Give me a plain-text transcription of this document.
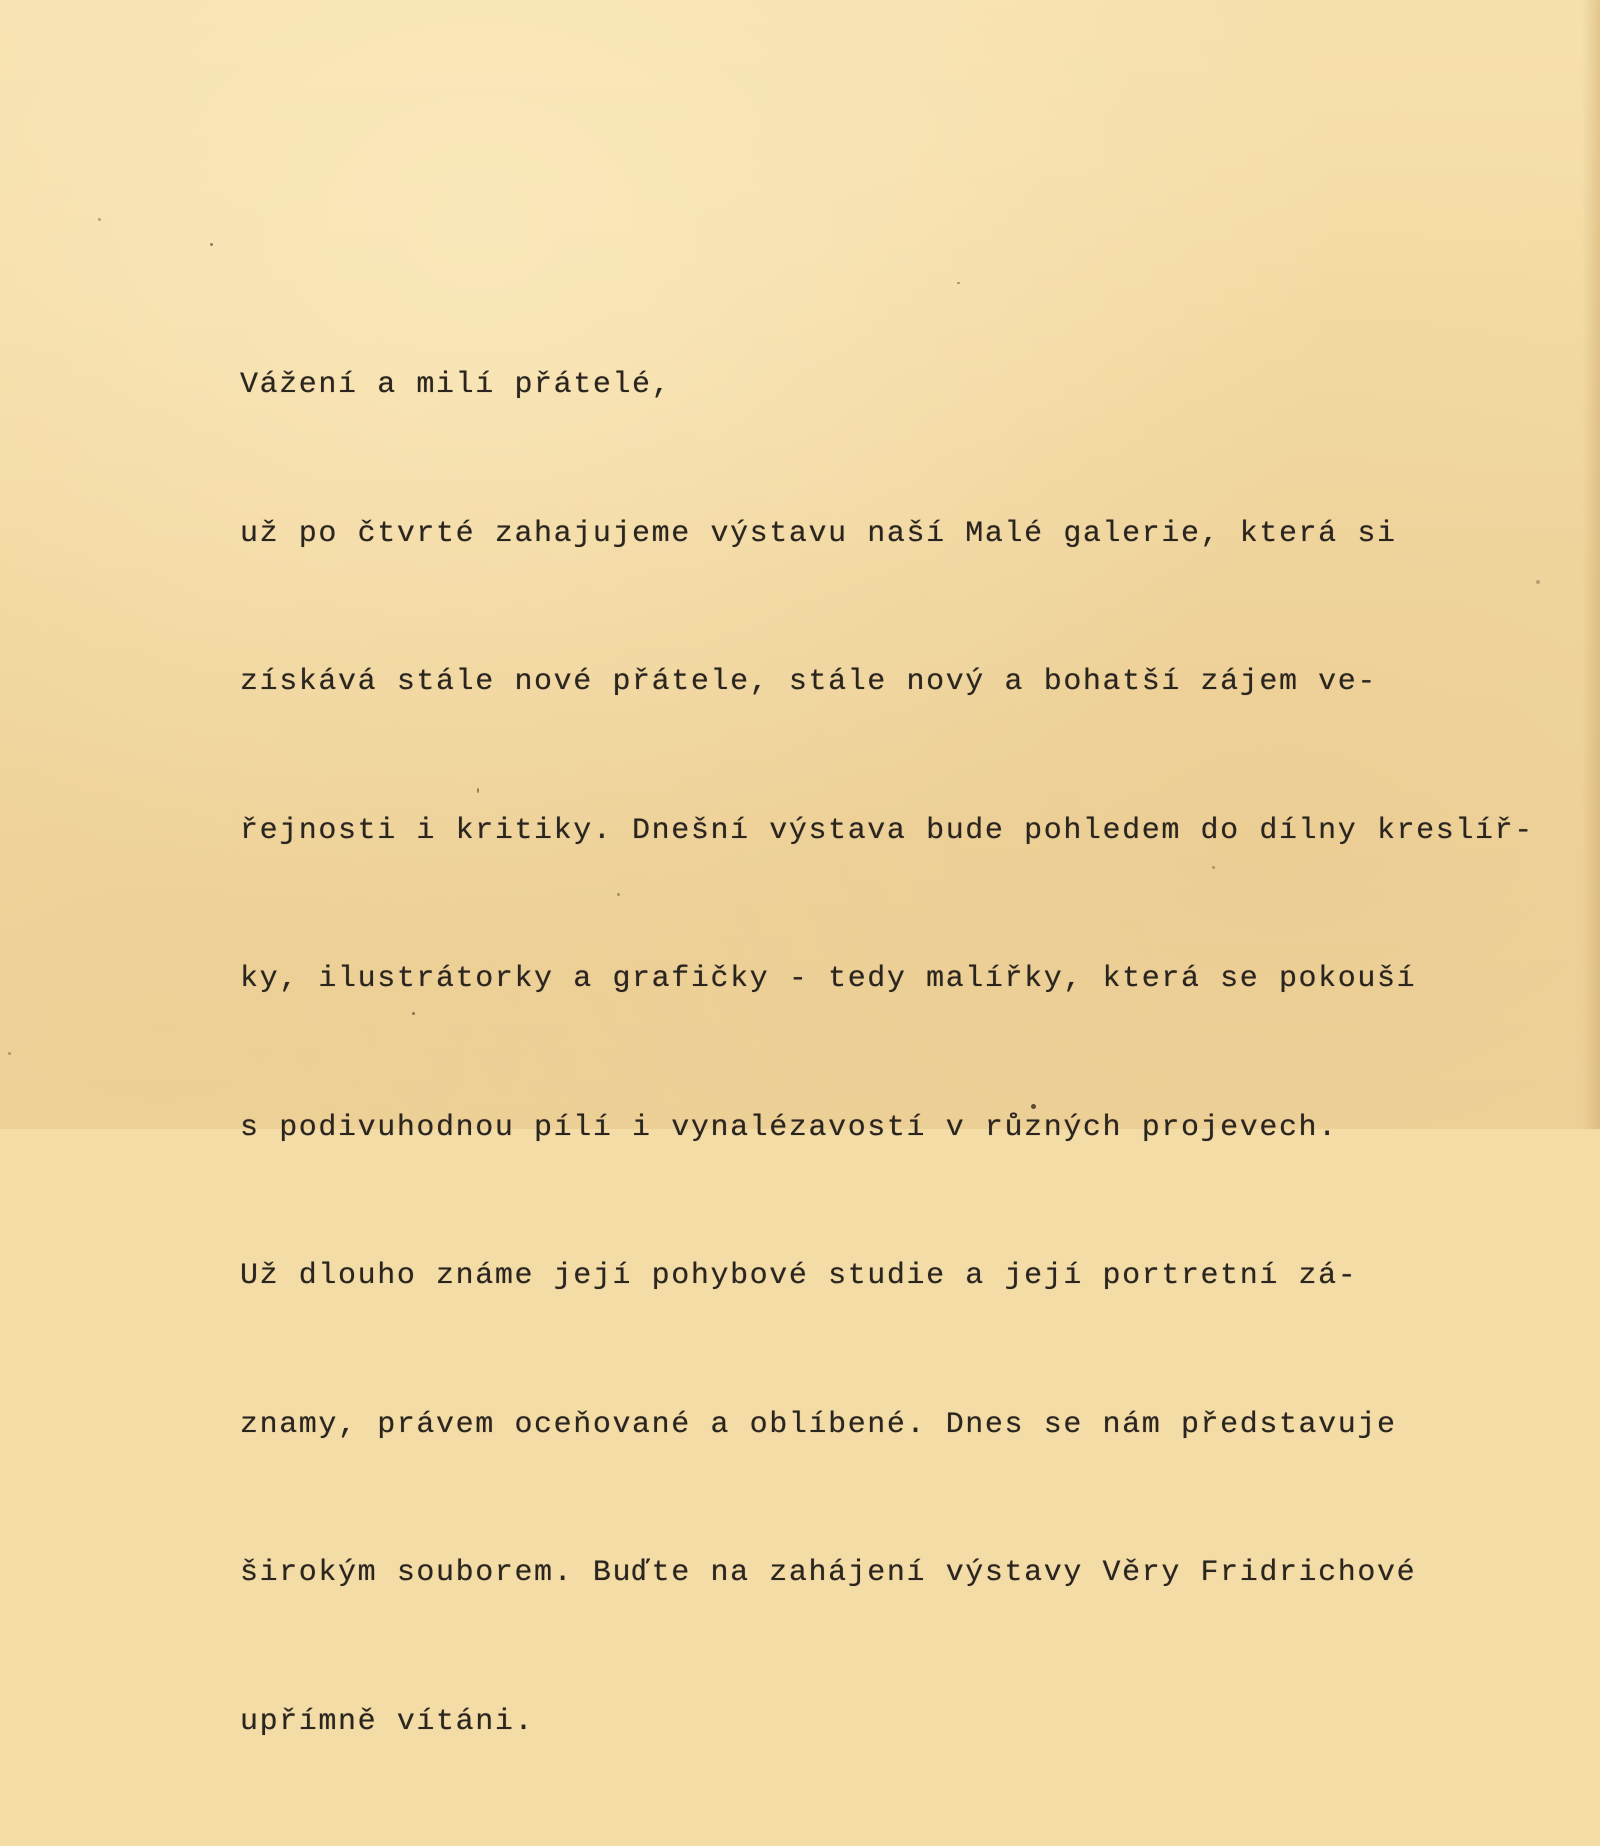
Vážení a milí přátelé,

už po čtvrté zahajujeme výstavu naší Malé galerie, která si

získává stále nové přátele, stále nový a bohatší zájem ve-

řejnosti i kritiky. Dnešní výstava bude pohledem do dílny kreslíř-

ky, ilustrátorky a grafičky - tedy malířky, která se pokouší

s podivuhodnou pílí i vynalézavostí v různých projevech.

Už dlouho známe její pohybové studie a její portretní zá-

znamy, právem oceňované a oblíbené. Dnes se nám představuje

širokým souborem. Buďte na zahájení výstavy Věry Fridrichové

upřímně vítáni.
